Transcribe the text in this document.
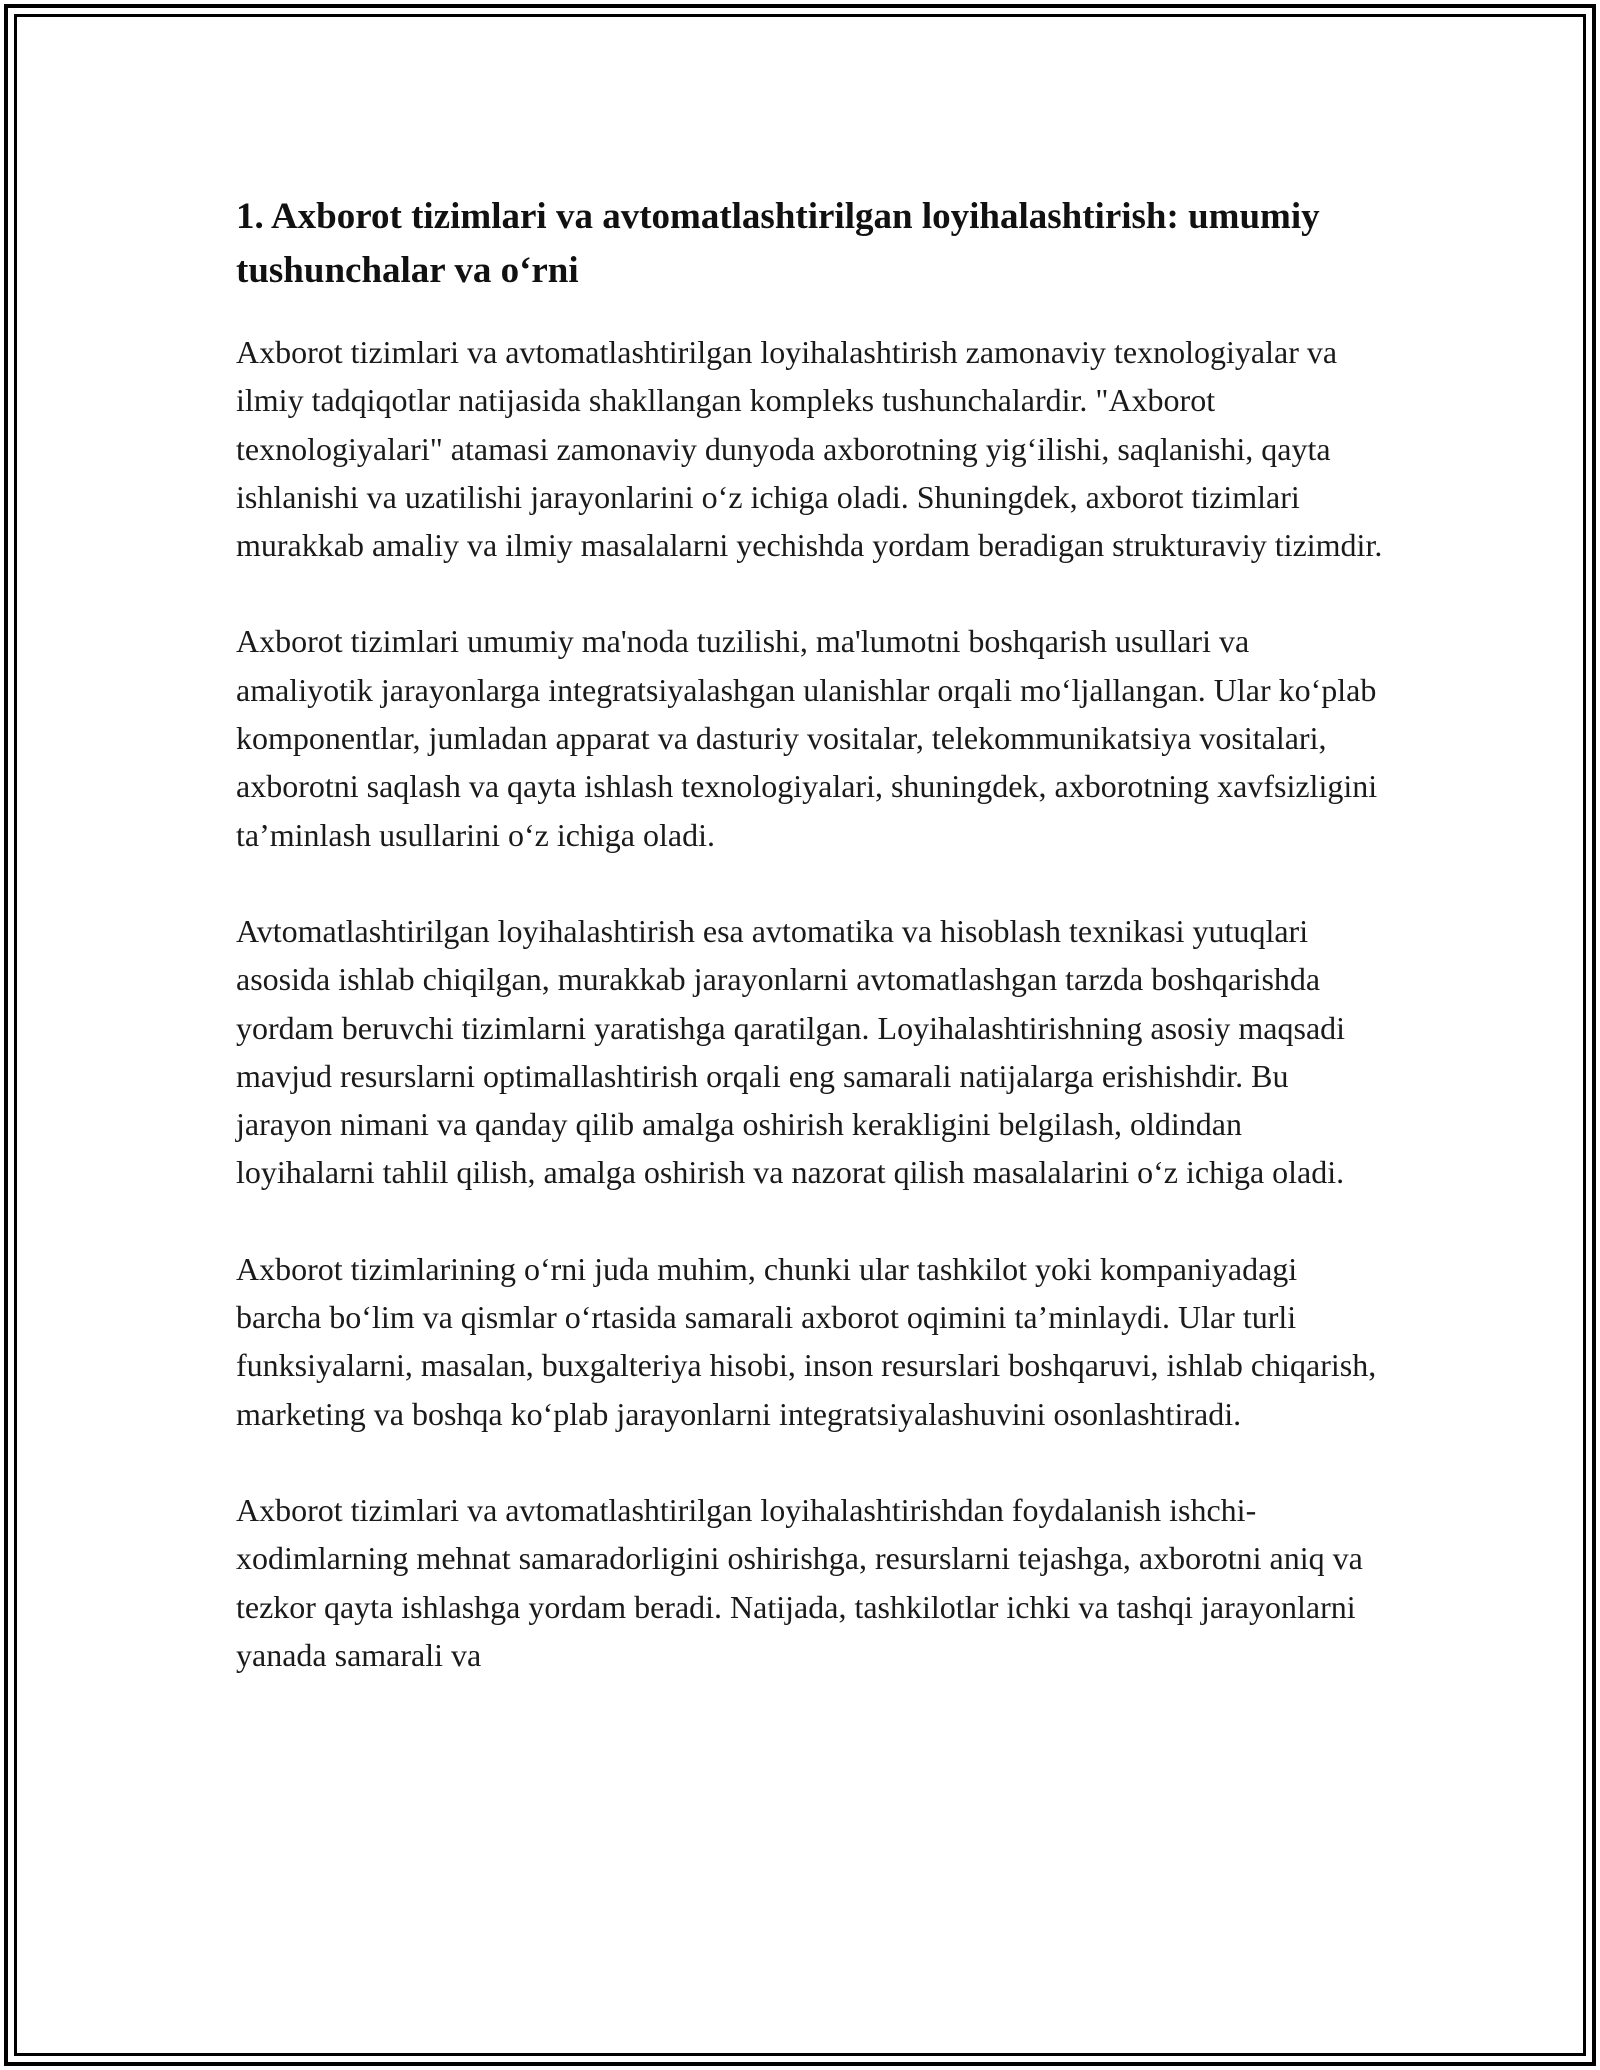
1. Axborot tizimlari va avtomatlashtirilgan loyihalashtirish: umumiy tushunchalar va o‘rni

Axborot tizimlari va avtomatlashtirilgan loyihalashtirish zamonaviy texnologiyalar va ilmiy tadqiqotlar natijasida shakllangan kompleks tushunchalardir. "Axborot texnologiyalari" atamasi zamonaviy dunyoda axborotning yig‘ilishi, saqlanishi, qayta ishlanishi va uzatilishi jarayonlarini o‘z ichiga oladi. Shuningdek, axborot tizimlari murakkab amaliy va ilmiy masalalarni yechishda yordam beradigan strukturaviy tizimdir.

Axborot tizimlari umumiy ma'noda tuzilishi, ma'lumotni boshqarish usullari va amaliyotik jarayonlarga integratsiyalashgan ulanishlar orqali mo‘ljallangan. Ular ko‘plab komponentlar, jumladan apparat va dasturiy vositalar, telekommunikatsiya vositalari, axborotni saqlash va qayta ishlash texnologiyalari, shuningdek, axborotning xavfsizligini ta’minlash usullarini o‘z ichiga oladi.

Avtomatlashtirilgan loyihalashtirish esa avtomatika va hisoblash texnikasi yutuqlari asosida ishlab chiqilgan, murakkab jarayonlarni avtomatlashgan tarzda boshqarishda yordam beruvchi tizimlarni yaratishga qaratilgan. Loyihalashtirishning asosiy maqsadi mavjud resurslarni optimallashtirish orqali eng samarali natijalarga erishishdir. Bu jarayon nimani va qanday qilib amalga oshirish kerakligini belgilash, oldindan loyihalarni tahlil qilish, amalga oshirish va nazorat qilish masalalarini o‘z ichiga oladi.

Axborot tizimlarining o‘rni juda muhim, chunki ular tashkilot yoki kompaniyadagi barcha bo‘lim va qismlar o‘rtasida samarali axborot oqimini ta’minlaydi. Ular turli funksiyalarni, masalan, buxgalteriya hisobi, inson resurslari boshqaruvi, ishlab chiqarish, marketing va boshqa ko‘plab jarayonlarni integratsiyalashuvini osonlashtiradi.

Axborot tizimlari va avtomatlashtirilgan loyihalashtirishdan foydalanish ishchi-xodimlarning mehnat samaradorligini oshirishga, resurslarni tejashga, axborotni aniq va tezkor qayta ishlashga yordam beradi. Natijada, tashkilotlar ichki va tashqi jarayonlarni yanada samarali va
